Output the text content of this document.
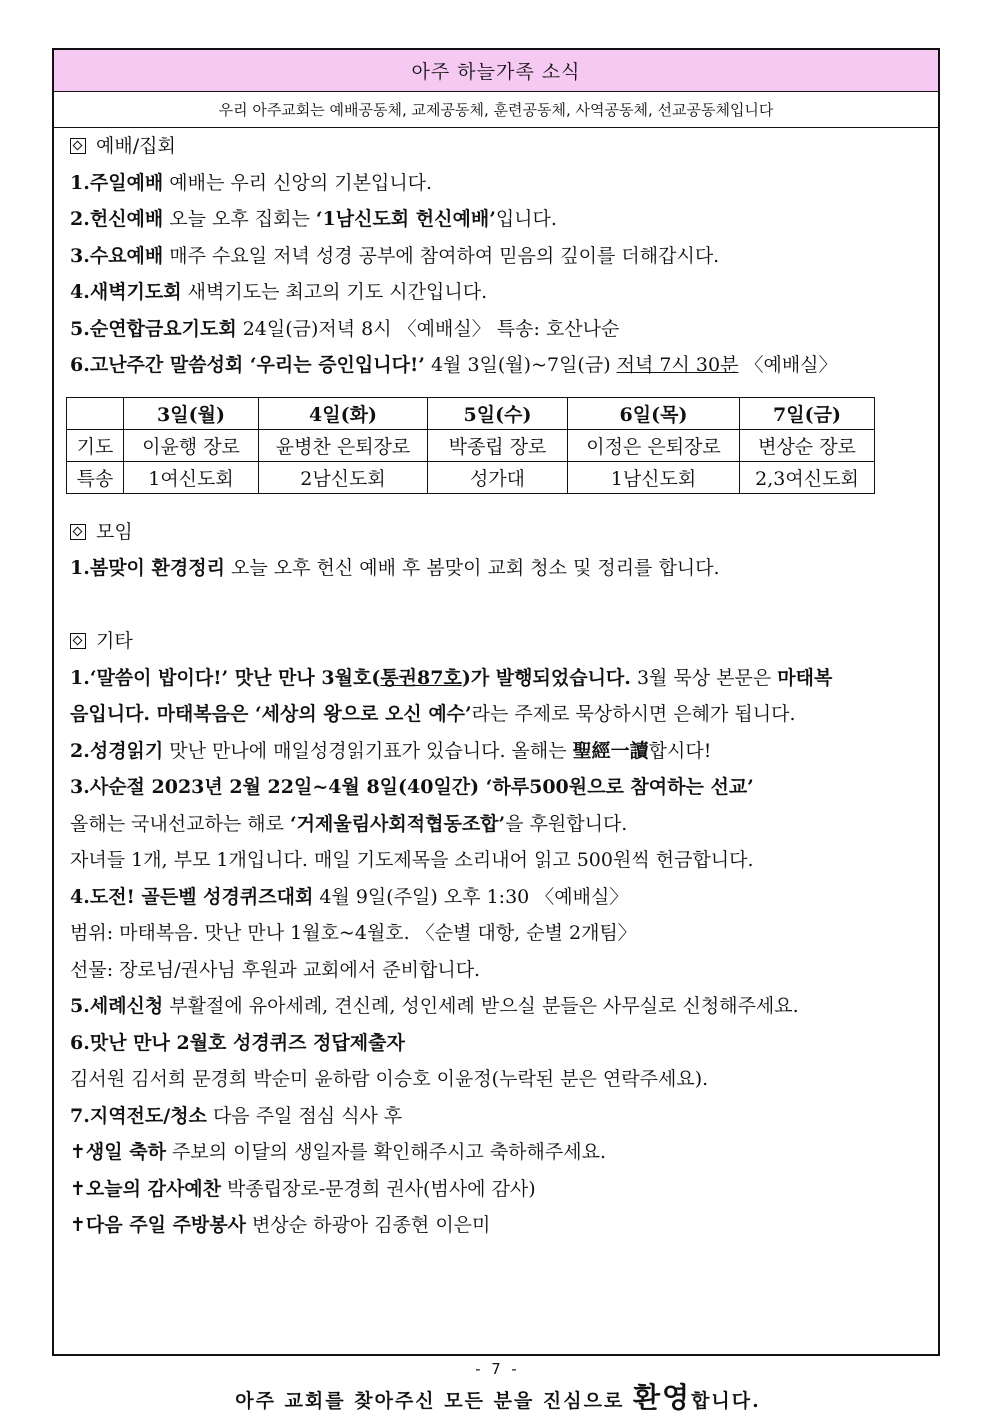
아주 하늘가족 소식
우리 아주교회는 예배공동체, 교제공동체, 훈련공동체, 사역공동체, 선교공동체입니다
예배/집회
1.주일예배 예배는 우리 신앙의 기본입니다.
2.헌신예배 오늘 오후 집회는 ‘1남신도회 헌신예배’입니다.
3.수요예배 매주 수요일 저녁 성경 공부에 참여하여 믿음의 깊이를 더해갑시다.
4.새벽기도회 새벽기도는 최고의 기도 시간입니다.
5.순연합금요기도회 24일(금)저녁 8시 〈예배실〉 특송: 호산나순
6.고난주간 말씀성회 ‘우리는 증인입니다!’ 4월 3일(월)~7일(금) 저녁 7시 30분 〈예배실〉
모임
1.봄맞이 환경정리 오늘 오후 헌신 예배 후 봄맞이 교회 청소 및 정리를 합니다.
기타
1.‘말씀이 밥이다!’ 맛난 만나 3월호(통권87호)가 발행되었습니다. 3월 묵상 본문은 마태복
음입니다. 마태복음은 ‘세상의 왕으로 오신 예수’라는 주제로 묵상하시면 은혜가 됩니다.
2.성경읽기 맛난 만나에 매일성경읽기표가 있습니다. 올해는 聖經一讀합시다!
3.사순절 2023년 2월 22일~4월 8일(40일간) ‘하루500원으로 참여하는 선교’
올해는 국내선교하는 해로 ‘거제울림사회적협동조합’을 후원합니다.
자녀들 1개, 부모 1개입니다. 매일 기도제목을 소리내어 읽고 500원씩 헌금합니다.
4.도전! 골든벨 성경퀴즈대회 4월 9일(주일) 오후 1:30 〈예배실〉
범위: 마태복음. 맛난 만나 1월호~4월호. 〈순별 대항, 순별 2개팀〉
선물: 장로님/권사님 후원과 교회에서 준비합니다.
5.세례신청 부활절에 유아세례, 견신례, 성인세례 받으실 분들은 사무실로 신청해주세요.
6.맛난 만나 2월호 성경퀴즈 정답제출자
김서원 김서희 문경희 박순미 윤하람 이승호 이윤정(누락된 분은 연락주세요).
7.지역전도/청소 다음 주일 점심 식사 후
✝생일 축하 주보의 이달의 생일자를 확인해주시고 축하해주세요.
✝오늘의 감사예찬 박종립장로-문경희 권사(범사에 감사)
✝다음 주일 주방봉사 변상순 하광아 김종현 이은미
아주 교회를 찾아주신 모든 분을 진심으로 환영합니다.
	3일(월)	4일(화)	5일(수)	6일(목)	7일(금)
기도	이윤행 장로	윤병찬 은퇴장로	박종립 장로	이정은 은퇴장로	변상순 장로
특송	1여신도회	2남신도회	성가대	1남신도회	2,3여신도회
- 7 -
